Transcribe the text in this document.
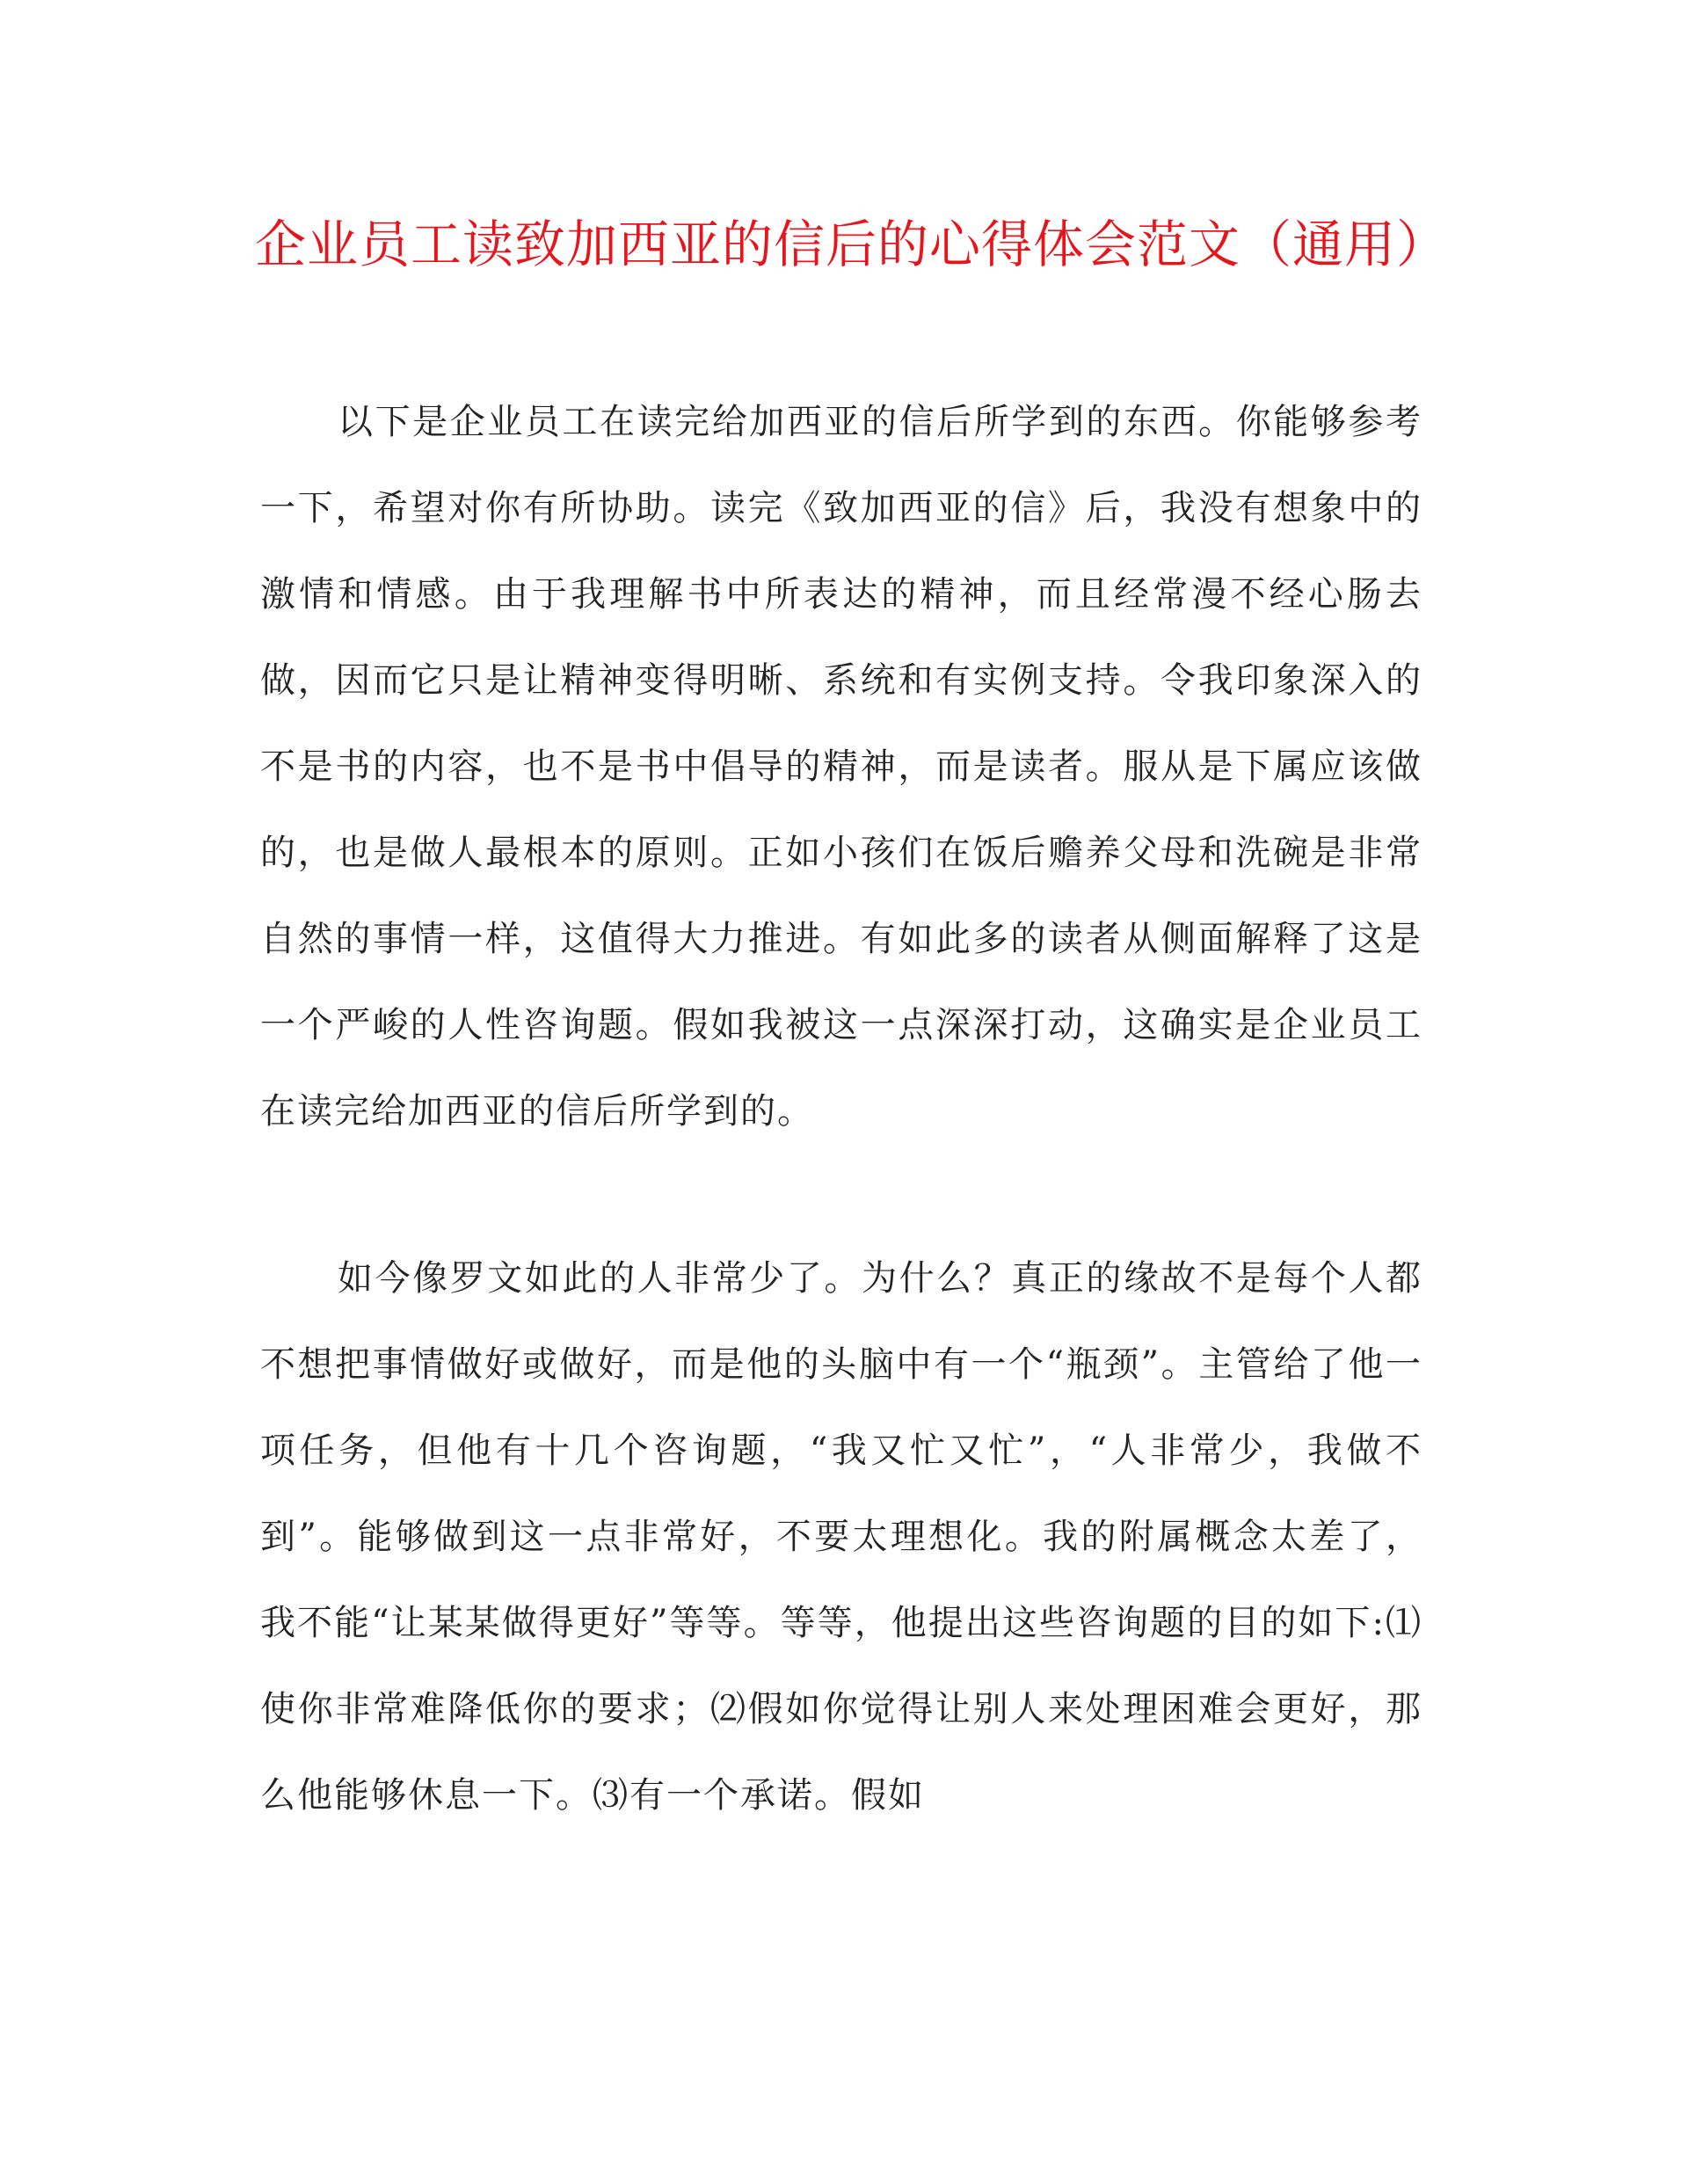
企业员工读致加西亚的信后的心得体会范文（通用）

以下是企业员工在读完给加西亚的信后所学到的东西。你能够参考一下，希望对你有所协助。读完《致加西亚的信》后，我没有想象中的激情和情感。由于我理解书中所表达的精神，而且经常漫不经心肠去做，因而它只是让精神变得明晰、系统和有实例支持。令我印象深入的不是书的内容，也不是书中倡导的精神，而是读者。服从是下属应该做的，也是做人最根本的原则。正如小孩们在饭后赡养父母和洗碗是非常自然的事情一样，这值得大力推进。有如此多的读者从侧面解释了这是一个严峻的人性咨询题。假如我被这一点深深打动，这确实是企业员工在读完给加西亚的信后所学到的。

如今像罗文如此的人非常少了。为什么？真正的缘故不是每个人都不想把事情做好或做好，而是他的头脑中有一个“瓶颈”。主管给了他一项任务，但他有十几个咨询题，“我又忙又忙”，“人非常少，我做不到”。能够做到这一点非常好，不要太理想化。我的附属概念太差了，我不能“让某某做得更好”等等。等等，他提出这些咨询题的目的如下:⑴使你非常难降低你的要求；⑵假如你觉得让别人来处理困难会更好，那么他能够休息一下。⑶有一个承诺。假如
